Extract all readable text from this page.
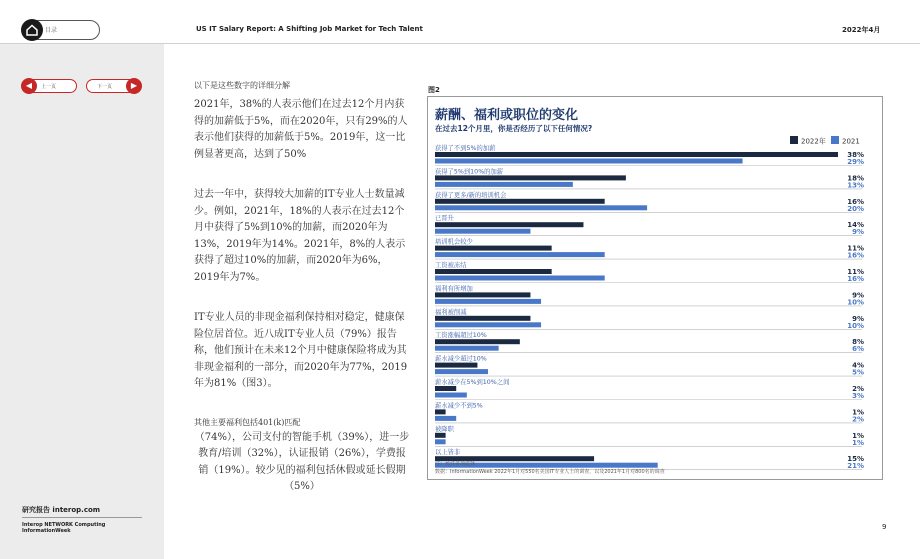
目录	US IT Salary Report: A Shifting Job Market for Tech Talent	2022年4月
◀	上一页	下一页	▶	以下是这些数字的详细分解
2021年，38%的人表示他们在过去12个月内获得的加薪低于5%，而在2020年，只有29%的人表示他们获得的加薪低于5%。2019年，这一比例显著更高，达到了50%
过去一年中，获得较大加薪的IT专业人士数量减少。例如，2021年，18%的人表示在过去12个月中获得了5%到10%的加薪，而2020年为13%，2019年为14%。2021年，8%的人表示获得了超过10%的加薪，而2020年为6%，2019年为7%。
IT专业人员的非现金福利保持相对稳定，健康保险位居首位。近八成IT专业人员（79%）报告称，他们预计在未来12个月中健康保险将成为其非现金福利的一部分，而2020年为77%，2019年为81%（图3）。
其他主要福利包括401(k)匹配
（74%），公司支付的智能手机（39%），进一步教育/培训（32%），认证报销（26%），学费报销（19%）。较少见的福利包括休假或延长假期（5%）
图2
薪酬、福利或职位的变化
在过去12个月里，你是否经历了以下任何情况?
2022年 2021
获得了不到5%的加薪
38%
29%
获得了5%到10%的加薪
18%
13%
获得了更多/新的培训机会
16%
20%
已晋升
14%
9%
培训机会较少
11%
16%
工资被冻结
11%
16%
福利有所增加
9%
10%
福利被削减
9%
10%
工资涨幅超过10%
8%
6%
薪水减少超过10%
4%
5%
薪水减少在5%到10%之间
2%
3%
薪水减少不到5%
1%
2%
被降职
1%
1%
以上皆非
15%
21%
注：允许多项选择
数据：InformationWeek 2022年1月对550名美国IT专业人士的调查，以及2021年1月对800名的调查
研究报告 interop.com
Interop NETWORK Computing InformationWeek	9
